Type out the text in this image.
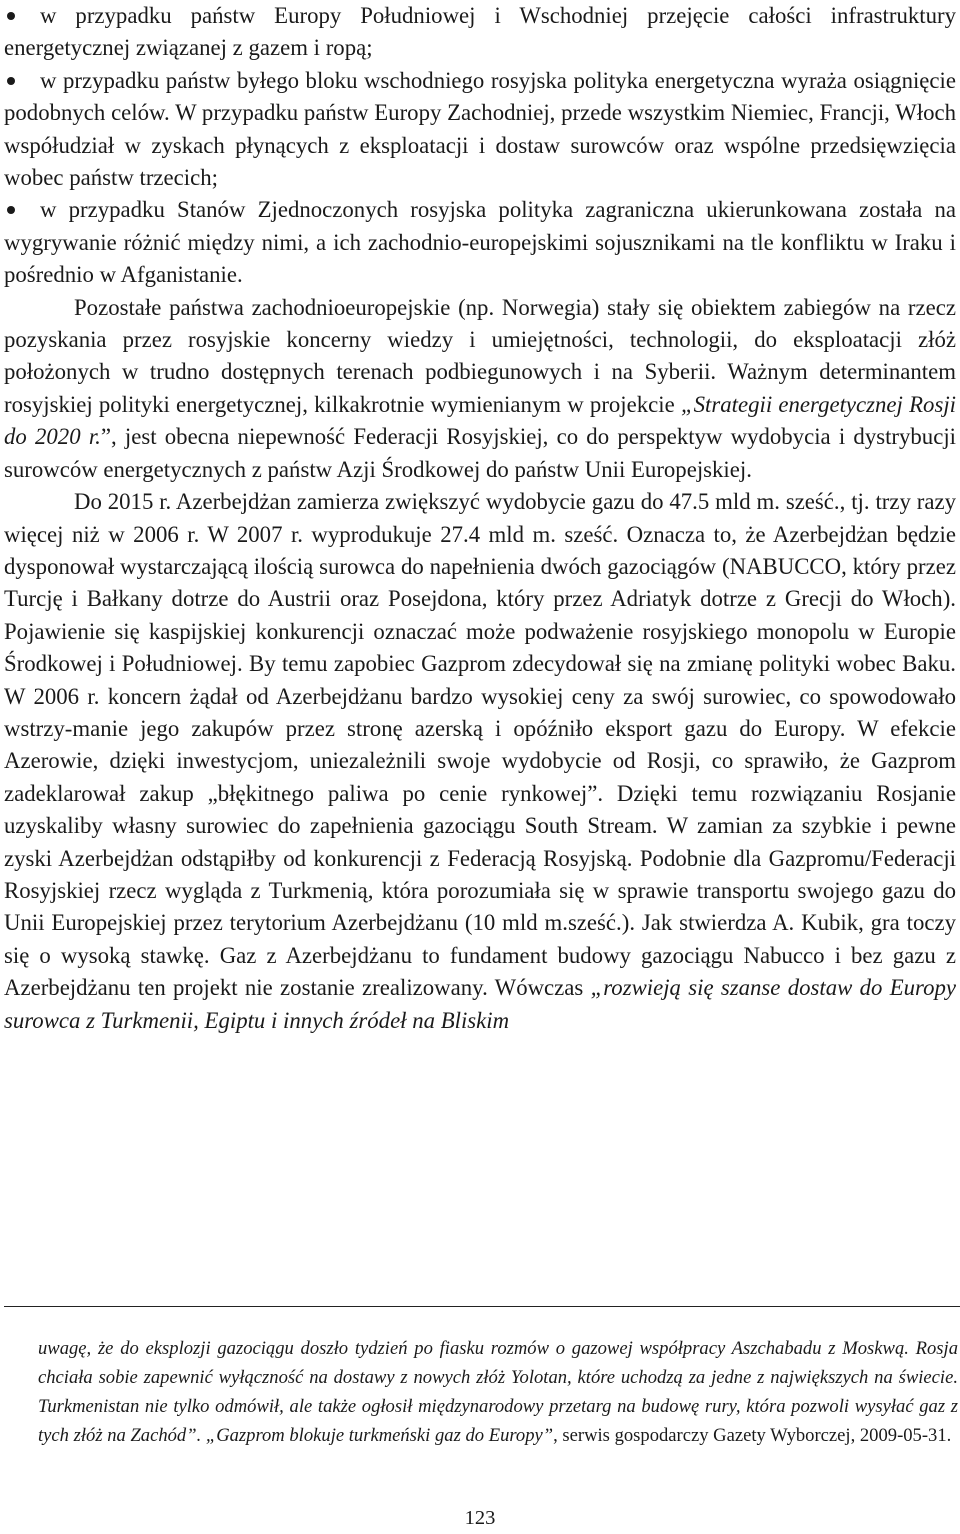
w przypadku państw Europy Południowej i Wschodniej przejęcie całości infrastruktury energetycznej związanej z gazem i ropą;

w przypadku państw byłego bloku wschodniego rosyjska polityka energetyczna wyraża osiągnięcie podobnych celów. W przypadku państw Europy Zachodniej, przede wszystkim Niemiec, Francji, Włoch współudział w zyskach płynących z eksploatacji i dostaw surowców oraz wspólne przedsięwzięcia wobec państw trzecich;

w przypadku Stanów Zjednoczonych rosyjska polityka zagraniczna ukierunkowana została na wygrywanie różnić między nimi, a ich zachodnio-europejskimi sojusznikami na tle konfliktu w Iraku i pośrednio w Afganistanie.

Pozostałe państwa zachodnioeuropejskie (np. Norwegia) stały się obiektem zabiegów na rzecz pozyskania przez rosyjskie koncerny wiedzy i umiejętności, technologii, do eksploatacji złóż położonych w trudno dostępnych terenach podbiegunowych i na Syberii. Ważnym determinantem rosyjskiej polityki energetycznej, kilkakrotnie wymienianym w projekcie „Strategii energetycznej Rosji do 2020 r.”, jest obecna niepewność Federacji Rosyjskiej, co do perspektyw wydobycia i dystrybucji surowców energetycznych z państw Azji Środkowej do państw Unii Europejskiej.

Do 2015 r. Azerbejdżan zamierza zwiększyć wydobycie gazu do 47.5 mld m. sześć., tj. trzy razy więcej niż w 2006 r. W 2007 r. wyprodukuje 27.4 mld m. sześć. Oznacza to, że Azerbejdżan będzie dysponował wystarczającą ilością surowca do napełnienia dwóch gazociągów (NABUCCO, który przez Turcję i Bałkany dotrze do Austrii oraz Posejdona, który przez Adriatyk dotrze z Grecji do Włoch). Pojawienie się kaspijskiej konkurencji oznaczać może podważenie rosyjskiego monopolu w Europie Środkowej i Południowej. By temu zapobiec Gazprom zdecydował się na zmianę polityki wobec Baku. W 2006 r. koncern żądał od Azerbejdżanu bardzo wysokiej ceny za swój surowiec, co spowodowało wstrzy-manie jego zakupów przez stronę azerską i opóźniło eksport gazu do Europy. W efekcie Azerowie, dzięki inwestycjom, uniezależnili swoje wydobycie od Rosji, co sprawiło, że Gazprom zadeklarował zakup „błękitnego paliwa po cenie rynkowej”. Dzięki temu rozwiązaniu Rosjanie uzyskaliby własny surowiec do zapełnienia gazociągu South Stream. W zamian za szybkie i pewne zyski Azerbejdżan odstąpiłby od konkurencji z Federacją Rosyjską. Podobnie dla Gazpromu/Federacji Rosyjskiej rzecz wygląda z Turkmenią, która porozumiała się w sprawie transportu swojego gazu do Unii Europejskiej przez terytorium Azerbejdżanu (10 mld m.sześć.). Jak stwierdza A. Kubik, gra toczy się o wysoką stawkę. Gaz z Azerbejdżanu to fundament budowy gazociągu Nabucco i bez gazu z Azerbejdżanu ten projekt nie zostanie zrealizowany. Wówczas „rozwieją się szanse dostaw do Europy surowca z Turkmenii, Egiptu i innych źródeł na Bliskim

uwagę, że do eksplozji gazociągu doszło tydzień po fiasku rozmów o gazowej współpracy Aszchabadu z Moskwą. Rosja chciała sobie zapewnić wyłączność na dostawy z nowych złóż Yolotan, które uchodzą za jedne z największych na świecie. Turkmenistan nie tylko odmówił, ale także ogłosił międzynarodowy przetarg na budowę rury, która pozwoli wysyłać gaz z tych złóż na Zachód”. „Gazprom blokuje turkmeński gaz do Europy”, serwis gospodarczy Gazety Wyborczej, 2009-05-31.

123
